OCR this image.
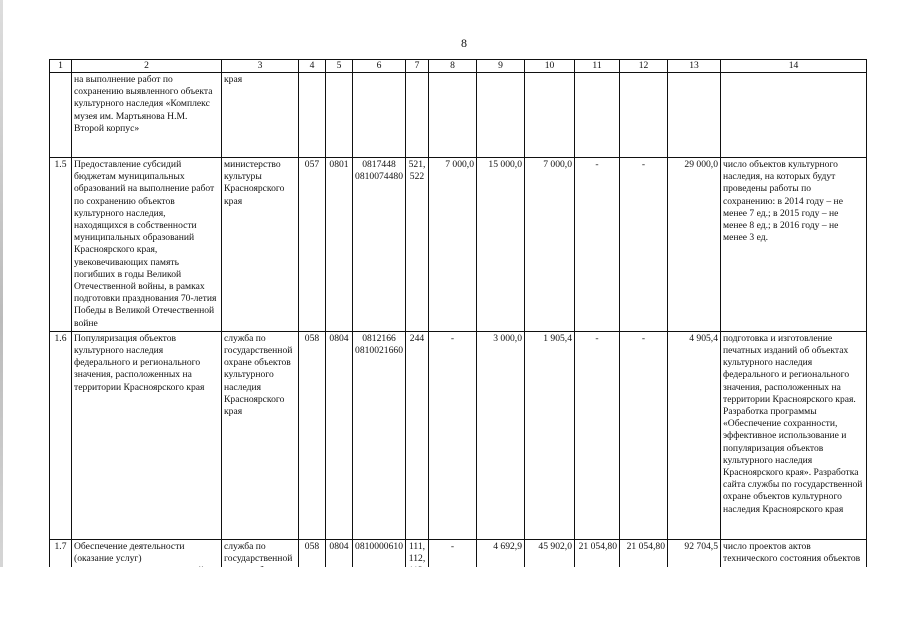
8
1	2	3	4	5	6	7	8	9	10	11	12	13	14
	на выполнение работ по сохранению выявленного объекта культурного наследия «Комплекс музея им. Мартьянова Н.М. Второй корпус»	края											
1.5	Предоставление субсидий бюджетам муниципальных образований на выполнение работ по сохранению объектов культурного наследия, находящихся в собственности муниципальных образований Красноярского края, увековечивающих память погибших в годы Великой Отечественной войны, в рамках подготовки празднования 70-летия Победы в Великой Отечественной войне	министерство культуры Красноярского края	057	0801	0817448 0810074480	521, 522	7 000,0	15 000,0	7 000,0	-	-	29 000,0	число объектов культурного наследия, на которых будут проведены работы по сохранению: в 2014 году – не менее 7 ед.; в 2015 году – не менее 8 ед.; в 2016 году – не менее 3 ед.
1.6	Популяризация объектов культурного наследия федерального и регионального значения, расположенных на территории Красноярского края	служба по государственной охране объектов культурного наследия Красноярского края	058	0804	0812166 0810021660	244	-	3 000,0	1 905,4	-	-	4 905,4	подготовка и изготовление печатных изданий об объектах культурного наследия федерального и регионального значения, расположенных на территории Красноярского края. Разработка программы «Обеспечение сохранности, эффективное использование и популяризация объектов культурного наследия Красноярского края». Разработка сайта службы по государственной охране объектов культурного наследия Красноярского края
1.7	Обеспечение деятельности (оказание услуг)	служба по государственной	058	0804	0810000610	111, 112,	-	4 692,9	45 902,0	21 054,80	21 054,80	92 704,5	число проектов актов технического состояния объектов
